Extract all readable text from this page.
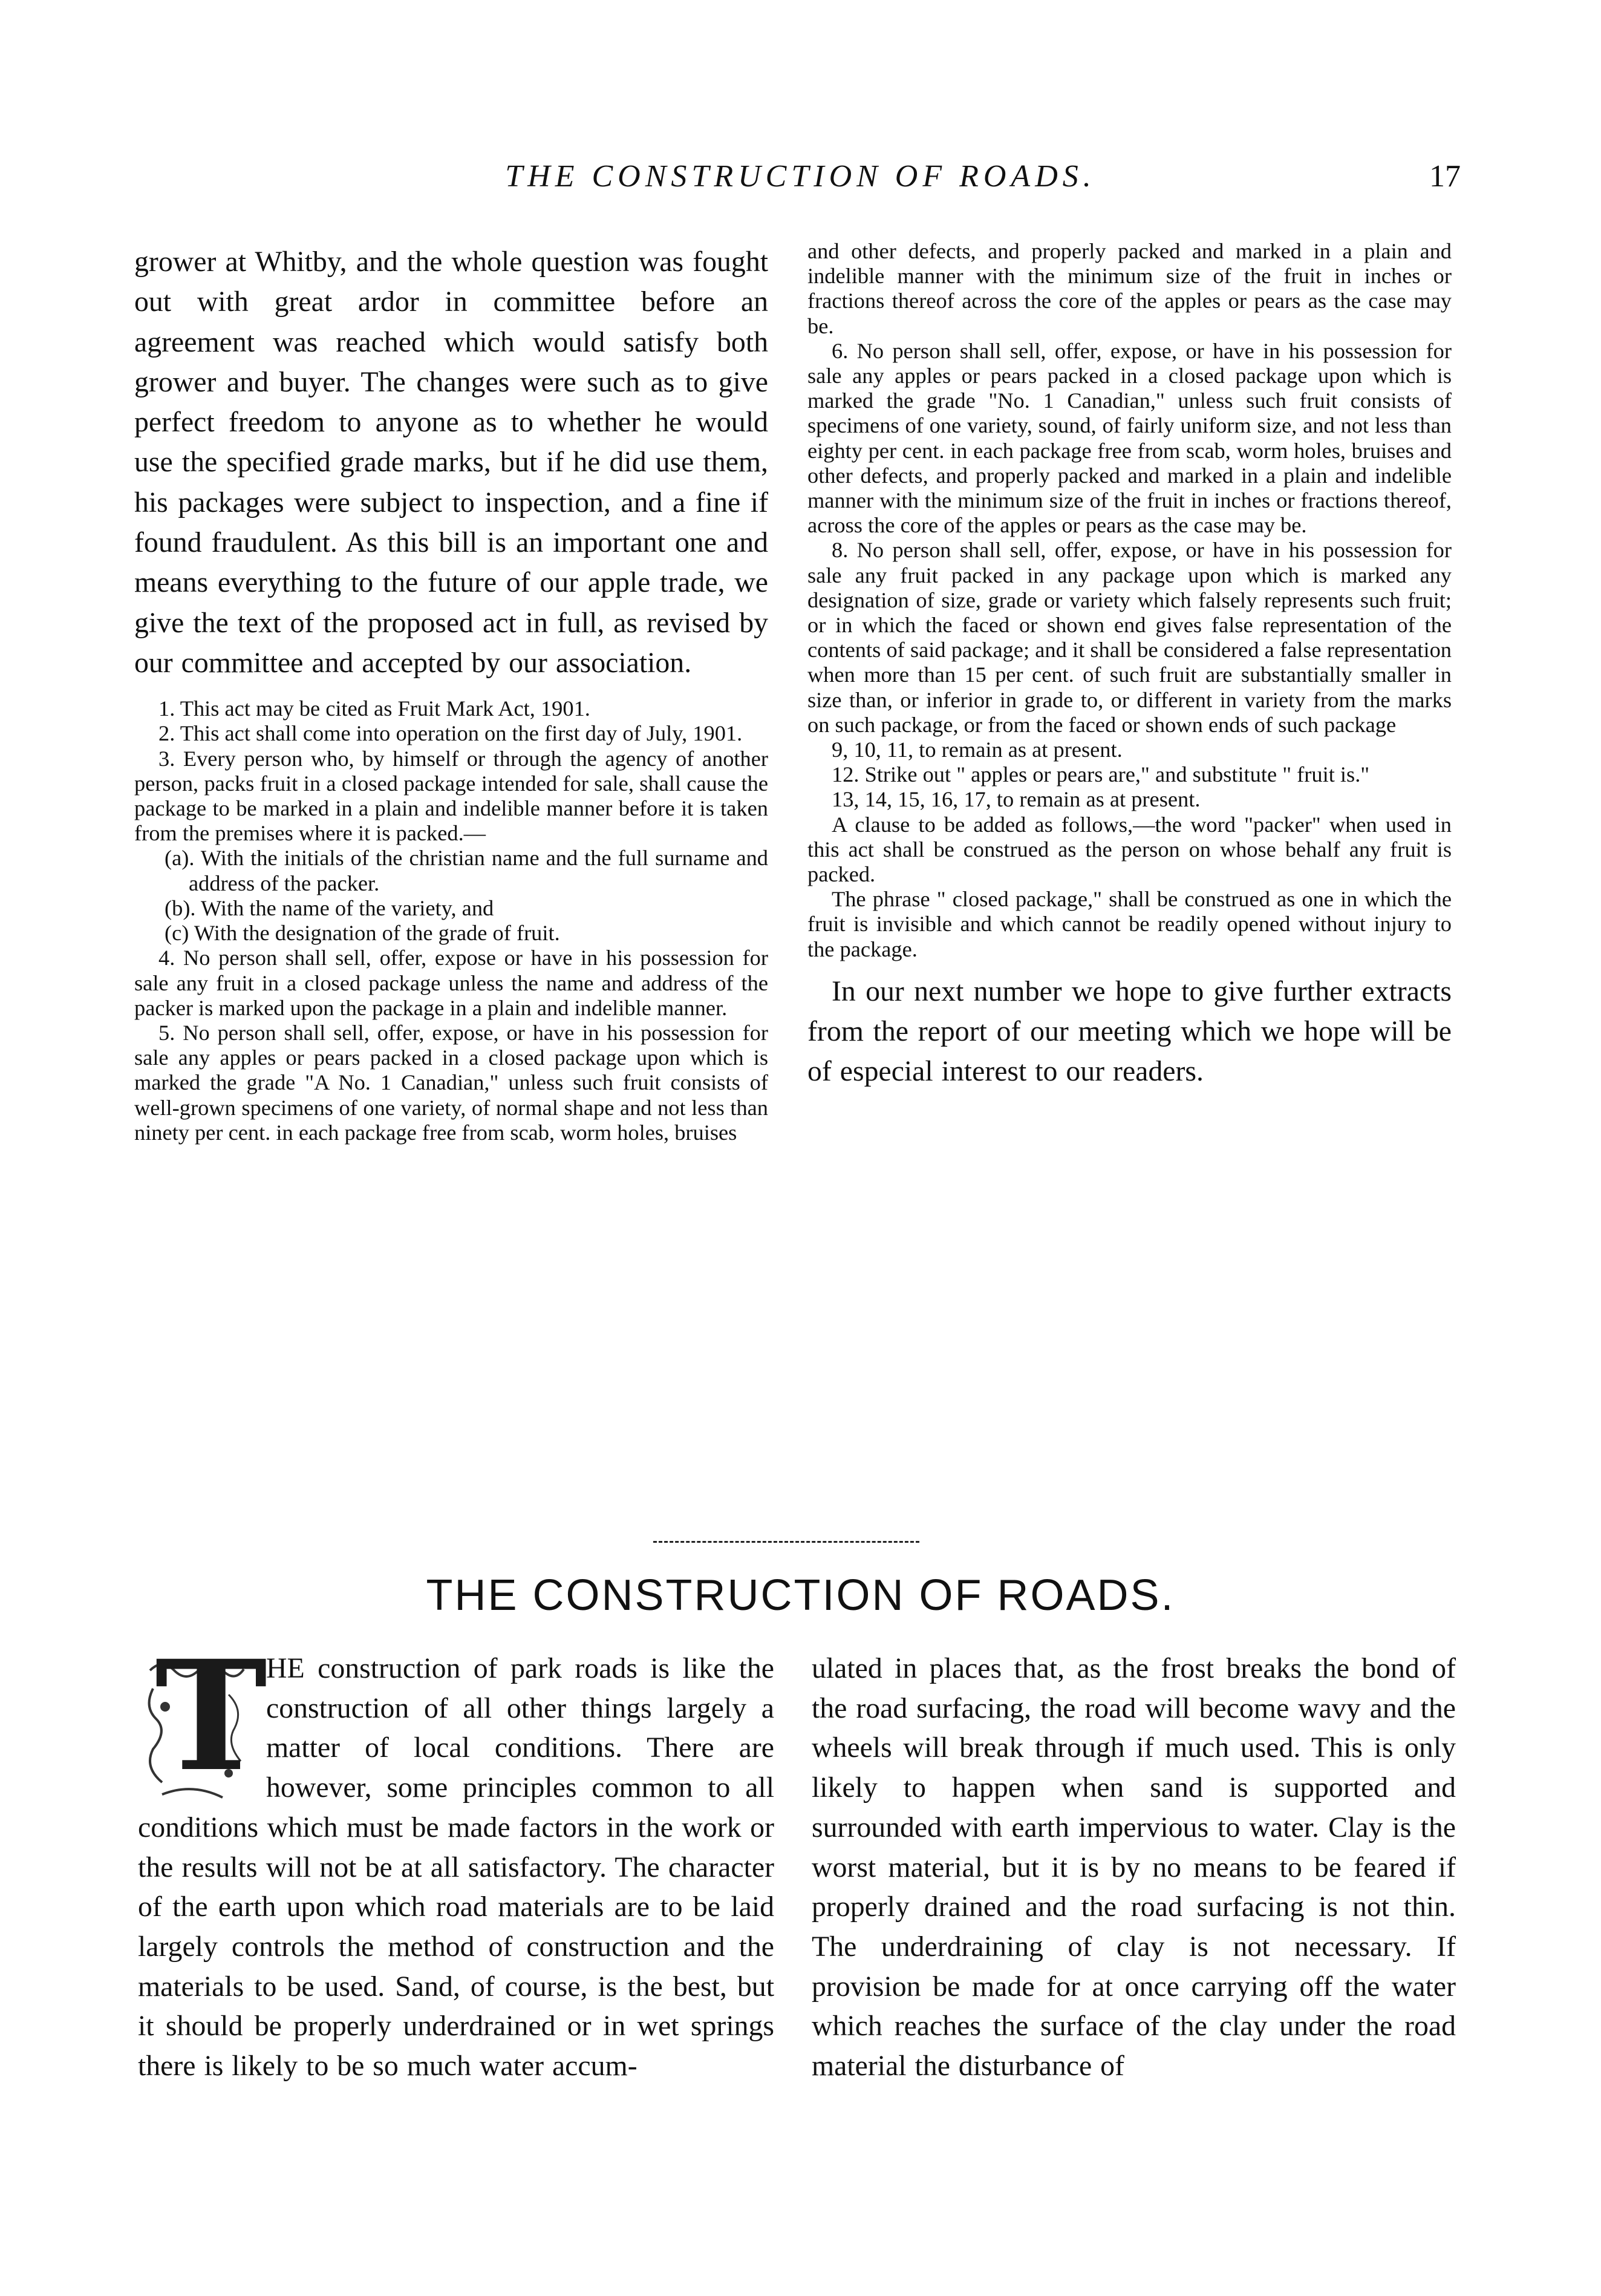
THE CONSTRUCTION OF ROADS.	17

grower at Whitby, and the whole question was fought out with great ardor in committee before an agreement was reached which would satisfy both grower and buyer. The changes were such as to give perfect freedom to anyone as to whether he would use the specified grade marks, but if he did use them, his packages were subject to inspection, and a fine if found fraudulent. As this bill is an important one and means everything to the future of our apple trade, we give the text of the proposed act in full, as revised by our committee and accepted by our association.

1. This act may be cited as Fruit Mark Act, 1901.

2. This act shall come into operation on the first day of July, 1901.

3. Every person who, by himself or through the agency of another person, packs fruit in a closed package intended for sale, shall cause the package to be marked in a plain and indelible manner before it is taken from the premises where it is packed.—

(a). With the initials of the christian name and the full surname and address of the packer.

(b). With the name of the variety, and

(c) With the designation of the grade of fruit.

4. No person shall sell, offer, expose or have in his possession for sale any fruit in a closed package unless the name and address of the packer is marked upon the package in a plain and indelible manner.

5. No person shall sell, offer, expose, or have in his possession for sale any apples or pears packed in a closed package upon which is marked the grade "A No. 1 Canadian," unless such fruit consists of well-grown specimens of one variety, of normal shape and not less than ninety per cent. in each package free from scab, worm holes, bruises

and other defects, and properly packed and marked in a plain and indelible manner with the minimum size of the fruit in inches or fractions thereof across the core of the apples or pears as the case may be.

6. No person shall sell, offer, expose, or have in his possession for sale any apples or pears packed in a closed package upon which is marked the grade "No. 1 Canadian," unless such fruit consists of specimens of one variety, sound, of fairly uniform size, and not less than eighty per cent. in each package free from scab, worm holes, bruises and other defects, and properly packed and marked in a plain and indelible manner with the minimum size of the fruit in inches or fractions thereof, across the core of the apples or pears as the case may be.

8. No person shall sell, offer, expose, or have in his possession for sale any fruit packed in any package upon which is marked any designation of size, grade or variety which falsely represents such fruit; or in which the faced or shown end gives false representation of the contents of said package; and it shall be considered a false representation when more than 15 per cent. of such fruit are substantially smaller in size than, or inferior in grade to, or different in variety from the marks on such package, or from the faced or shown ends of such package

9, 10, 11, to remain as at present.

12. Strike out " apples or pears are," and substitute " fruit is."

13, 14, 15, 16, 17, to remain as at present.

A clause to be added as follows,—the word "packer" when used in this act shall be construed as the person on whose behalf any fruit is packed.

The phrase " closed package," shall be construed as one in which the fruit is invisible and which cannot be readily opened without injury to the package.

In our next number we hope to give further extracts from the report of our meeting which we hope will be of especial interest to our readers.

THE CONSTRUCTION OF ROADS.
T

HE construction of park roads is like the construction of all other things largely a matter of local conditions. There are however, some principles common to all conditions which must be made factors in the work or the results will not be at all satisfactory. The character of the earth upon which road materials are to be laid largely controls the method of construction and the materials to be used. Sand, of course, is the best, but it should be properly underdrained or in wet springs there is likely to be so much water accum-

ulated in places that, as the frost breaks the bond of the road surfacing, the road will become wavy and the wheels will break through if much used. This is only likely to happen when sand is supported and surrounded with earth impervious to water. Clay is the worst material, but it is by no means to be feared if properly drained and the road surfacing is not thin. The underdraining of clay is not necessary. If provision be made for at once carrying off the water which reaches the surface of the clay under the road material the disturbance of
